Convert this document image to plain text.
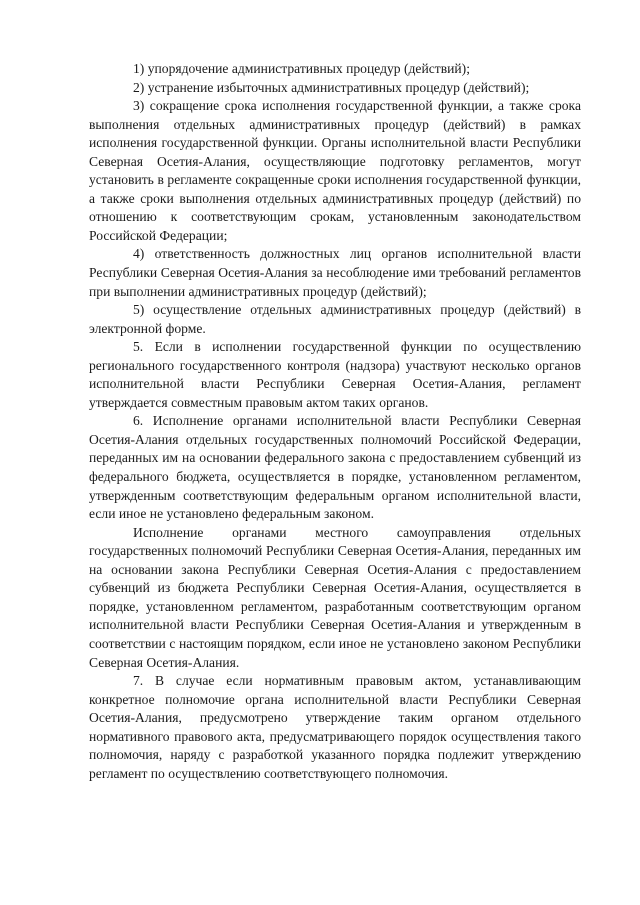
1) упорядочение административных процедур (действий);

2) устранение избыточных административных процедур (действий);

3) сокращение срока исполнения государственной функции, а также срока выполнения отдельных административных процедур (действий) в рамках исполнения государственной функции. Органы исполнительной власти Республики Северная Осетия-Алания, осуществляющие подготовку регламентов, могут установить в регламенте сокращенные сроки исполнения государственной функции, а также сроки выполнения отдельных административных процедур (действий) по отношению к соответствующим срокам, установленным законодательством Российской Федерации;

4) ответственность должностных лиц органов исполнительной власти Республики Северная Осетия-Алания за несоблюдение ими требований регламентов при выполнении административных процедур (действий);

5) осуществление отдельных административных процедур (действий) в электронной форме.

5. Если в исполнении государственной функции по осуществлению регионального государственного контроля (надзора) участвуют несколько органов исполнительной власти Республики Северная Осетия-Алания, регламент утверждается совместным правовым актом таких органов.

6. Исполнение органами исполнительной власти Республики Северная Осетия-Алания отдельных государственных полномочий Российской Федерации, переданных им на основании федерального закона с предоставлением субвенций из федерального бюджета, осуществляется в порядке, установленном регламентом, утвержденным соответствующим федеральным органом исполнительной власти, если иное не установлено федеральным законом.

Исполнение органами местного самоуправления отдельных государственных полномочий Республики Северная Осетия-Алания, переданных им на основании закона Республики Северная Осетия-Алания с предоставлением субвенций из бюджета Республики Северная Осетия-Алания, осуществляется в порядке, установленном регламентом, разработанным соответствующим органом исполнительной власти Республики Северная Осетия-Алания и утвержденным в соответствии с настоящим порядком, если иное не установлено законом Республики Северная Осетия-Алания.

7. В случае если нормативным правовым актом, устанавливающим конкретное полномочие органа исполнительной власти Республики Северная Осетия-Алания, предусмотрено утверждение таким органом отдельного нормативного правового акта, предусматривающего порядок осуществления такого полномочия, наряду с разработкой указанного порядка подлежит утверждению регламент по осуществлению соответствующего полномочия.
